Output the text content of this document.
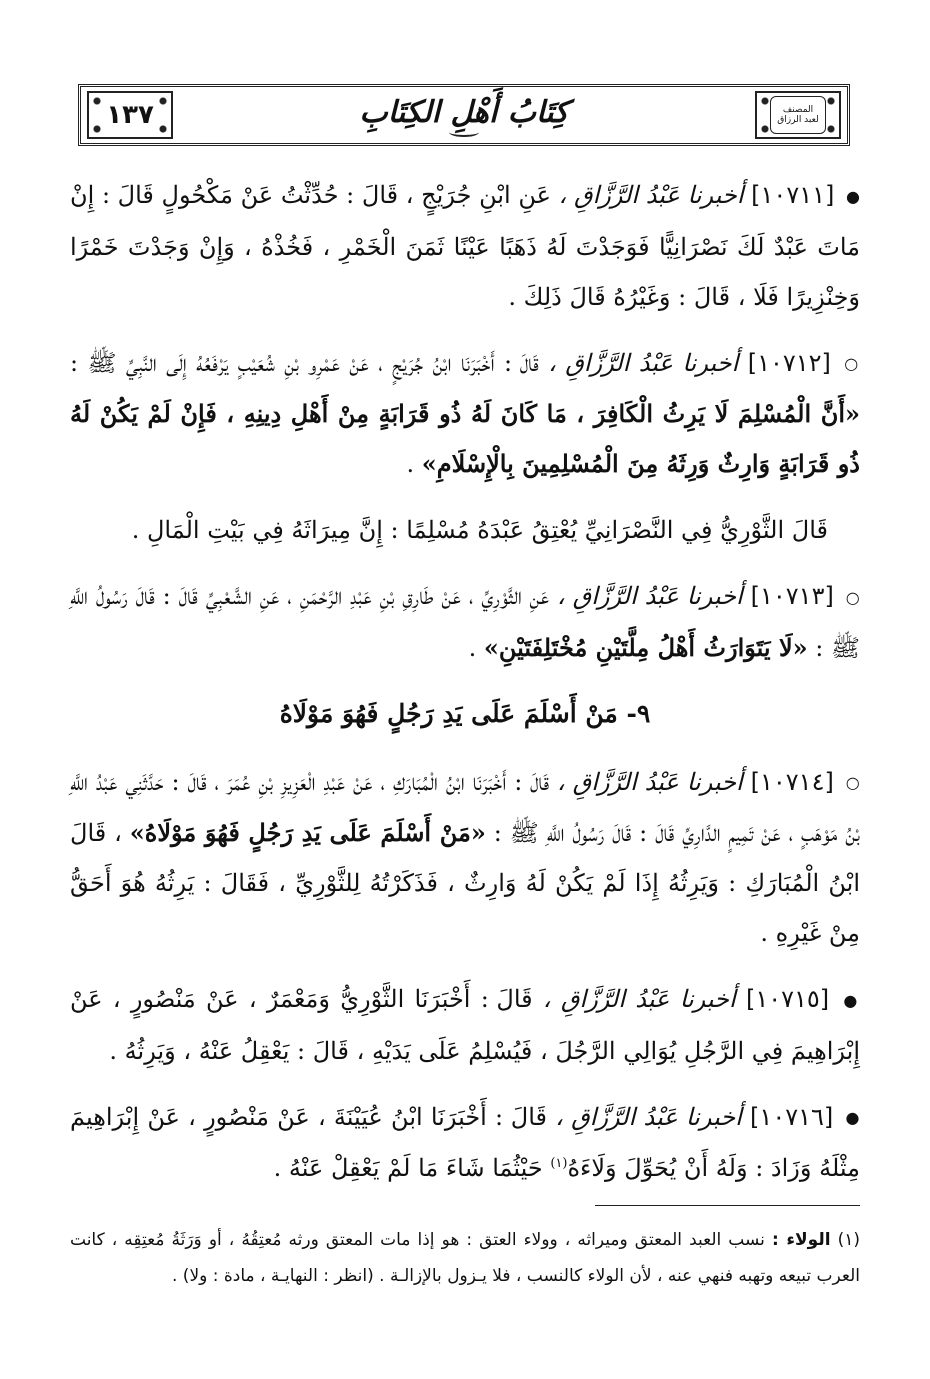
المصنف
لعبد الرزاق
كِتَابُ أَهْلِ الكِتَابِ
١٣٧

● [١٠٧١١] أخبرنا عَبْدُ الرَّزَّاقِ ، عَنِ ابْنِ جُرَيْجٍ ، قَالَ : حُدِّثْتُ عَنْ مَكْحُولٍ قَالَ : إِنْ مَاتَ عَبْدٌ لَكَ نَصْرَانِيًّا فَوَجَدْتَ لَهُ ذَهَبًا عَيْنًا ثَمَنَ الْخَمْرِ ، فَخُذْهُ ، وَإِنْ وَجَدْتَ خَمْرًا وَخِنْزِيرًا فَلَا ، قَالَ : وَغَيْرُهُ قَالَ ذَلِكَ .

○ [١٠٧١٢] أخبرنا عَبْدُ الرَّزَّاقِ ، قَالَ : أَخْبَرَنَا ابْنُ جُرَيْجٍ ، عَنْ عَمْرِو بْنِ شُعَيْبٍ يَرْفَعُهُ إِلَى النَّبِيِّ ﷺ : «أَنَّ الْمُسْلِمَ لَا يَرِثُ الْكَافِرَ ، مَا كَانَ لَهُ ذُو قَرَابَةٍ مِنْ أَهْلِ دِينِهِ ، فَإِنْ لَمْ يَكُنْ لَهُ ذُو قَرَابَةٍ وَارِثٌ وَرِثَهُ مِنَ الْمُسْلِمِينَ بِالْإِسْلَامِ» .

قَالَ الثَّوْرِيُّ فِي النَّصْرَانِيِّ يُعْتِقُ عَبْدَهُ مُسْلِمًا : إِنَّ مِيرَاثَهُ فِي بَيْتِ الْمَالِ .

○ [١٠٧١٣] أخبرنا عَبْدُ الرَّزَّاقِ ، عَنِ الثَّوْرِيِّ ، عَنْ طَارِقِ بْنِ عَبْدِ الرَّحْمَنِ ، عَنِ الشَّعْبِيِّ قَالَ : قَالَ رَسُولُ اللَّهِ ﷺ : «لَا يَتَوَارَثُ أَهْلُ مِلَّتَيْنِ مُخْتَلِفَتَيْنِ» .

٩- مَنْ أَسْلَمَ عَلَى يَدِ رَجُلٍ فَهُوَ مَوْلَاهُ

○ [١٠٧١٤] أخبرنا عَبْدُ الرَّزَّاقِ ، قَالَ : أَخْبَرَنَا ابْنُ الْمُبَارَكِ ، عَنْ عَبْدِ الْعَزِيزِ بْنِ عُمَرَ ، قَالَ : حَدَّثَنِي عَبْدُ اللَّهِ بْنُ مَوْهَبٍ ، عَنْ تَمِيمٍ الدَّارِيِّ قَالَ : قَالَ رَسُولُ اللَّهِ ﷺ : «مَنْ أَسْلَمَ عَلَى يَدِ رَجُلٍ فَهُوَ مَوْلَاهُ» ، قَالَ ابْنُ الْمُبَارَكِ : وَيَرِثُهُ إِذَا لَمْ يَكُنْ لَهُ وَارِثٌ ، فَذَكَرْتُهُ لِلثَّوْرِيِّ ، فَقَالَ : يَرِثُهُ هُوَ أَحَقُّ مِنْ غَيْرِهِ .

● [١٠٧١٥] أخبرنا عَبْدُ الرَّزَّاقِ ، قَالَ : أَخْبَرَنَا الثَّوْرِيُّ وَمَعْمَرٌ ، عَنْ مَنْصُورٍ ، عَنْ إِبْرَاهِيمَ فِي الرَّجُلِ يُوَالِي الرَّجُلَ ، فَيُسْلِمُ عَلَى يَدَيْهِ ، قَالَ : يَعْقِلُ عَنْهُ ، وَيَرِثُهُ .

● [١٠٧١٦] أخبرنا عَبْدُ الرَّزَّاقِ ، قَالَ : أَخْبَرَنَا ابْنُ عُيَيْنَةَ ، عَنْ مَنْصُورٍ ، عَنْ إِبْرَاهِيمَ مِثْلَهُ وَزَادَ : وَلَهُ أَنْ يُحَوِّلَ وَلَاءَهُ$^{(١)}$ حَيْثُمَا شَاءَ مَا لَمْ يَعْقِلْ عَنْهُ .

(١) الولاء : نسب العبد المعتق وميراثه ، وولاء العتق : هو إذا مات المعتق ورثه مُعتِقُهُ ، أو وَرَثَةُ مُعتِقِه ، كانت العرب تبيعه وتهبه فنهي عنه ، لأن الولاء كالنسب ، فلا يـزول بالإزالـة . (انظر : النهايـة ، مادة : ولا) .
